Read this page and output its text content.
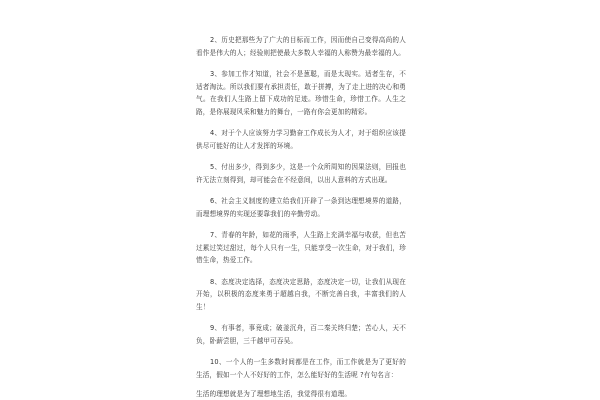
2、历史把那些为了广大的目标而工作，因而使自己变得高尚的人看作是伟大的人；经验则把使最大多数人幸福的人称赞为最幸福的人。

3、参加工作才知道，社会不是葱聪，而是太现实。适者生存，不适者淘汰。所以我们要有承担责任，敢于拼搏，为了走上进的决心和勇气。在我们人生路上留下成功的足迹。珍惜生命，珍惜工作。人生之路，是你展现风采和魅力的舞台，一路有你会更加的精彩。

4、对于个人应该努力学习勤奋工作成长为人才，对于组织应该提供尽可能好的让人才发挥的环境。

5、付出多少，得到多少，这是一个众所周知的因果法则，回报也许无法立刻得到，却可能会在不经意间，以出人意料的方式出现。

6、社会主义制度的建立给我们开辟了一条到达理想境界的道路，而理想境界的实现还要靠我们的辛勤劳动。

7、青春的年龄，如花的雨季，人生路上充满幸福与收获，但也苦过累过笑过甜过，每个人只有一生，只能享受一次生命，对于我们，珍惜生命，热爱工作。

8、态度决定选择，态度决定思路，态度决定一切，让我们从现在开始，以积极的态度来勇于超越自我，不断完善自我，丰富我们的人生！

9、有事者，事竟成；破釜沉舟，百二秦关终归楚；苦心人，天不负，卧薪尝胆，三千越甲可吞吴。

10、一个人的一生多数时间都是在工作，而工作就是为了更好的生活，假如一个人不好好的工作，怎么能好好的生活呢 ?有句名言：

生活的理想就是为了理想地生活，我觉得很有道理。
